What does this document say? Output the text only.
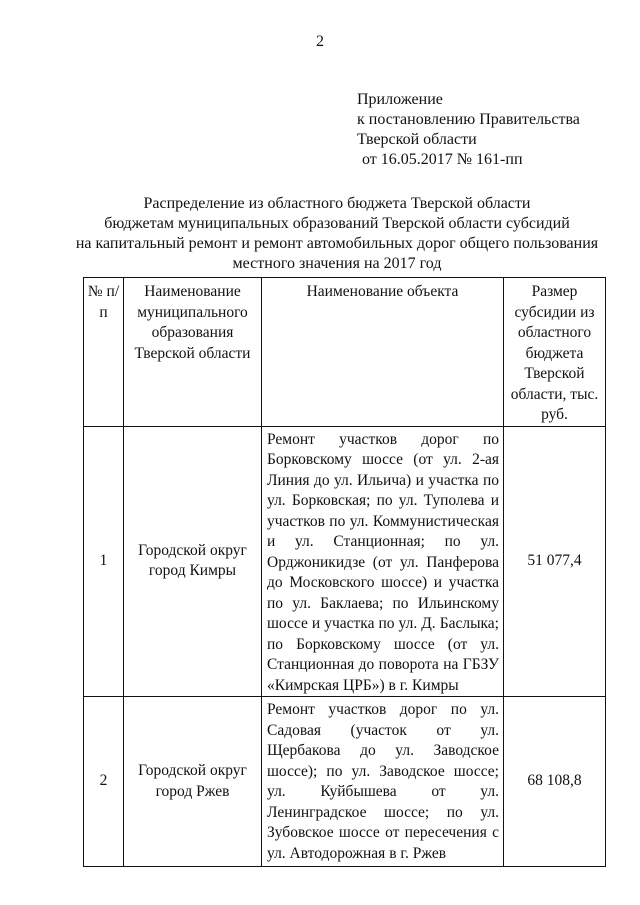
2
Приложение
к постановлению Правительства
Тверской области
от 16.05.2017 № 161-пп
Распределение из областного бюджета Тверской области
бюджетам муниципальных образований Тверской области субсидий
на капитальный ремонт и ремонт автомобильных дорог общего пользования
местного значения на 2017 год
№ п/п	Наименование муниципального образования Тверской области	Наименование объекта	Размер субсидии из областного бюджета Тверской области, тыс. руб.
1	Городской округ город Кимры	Ремонт участков дорог по Борковскому шоссе (от ул. 2-ая Линия до ул. Ильича) и участка по ул. Борковская; по ул. Туполева и участков по ул. Коммунистическая и ул. Станционная; по ул. Орджоникидзе (от ул. Панферова до Московского шоссе) и участка по ул. Баклаева; по Ильинскому шоссе и участка по ул. Д. Баслыка; по Борковскому шоссе (от ул. Станционная до поворота на ГБЗУ «Кимрская ЦРБ») в г. Кимры	51 077,4
2	Городской округ город Ржев	Ремонт участков дорог по ул. Садовая (участок от ул. Щербакова до ул. Заводское шоссе); по ул. Заводское шоссе; ул. Куйбышева от ул. Ленинградское шоссе; по ул. Зубовское шоссе от пересечения с ул. Автодорожная в г. Ржев	68 108,8
